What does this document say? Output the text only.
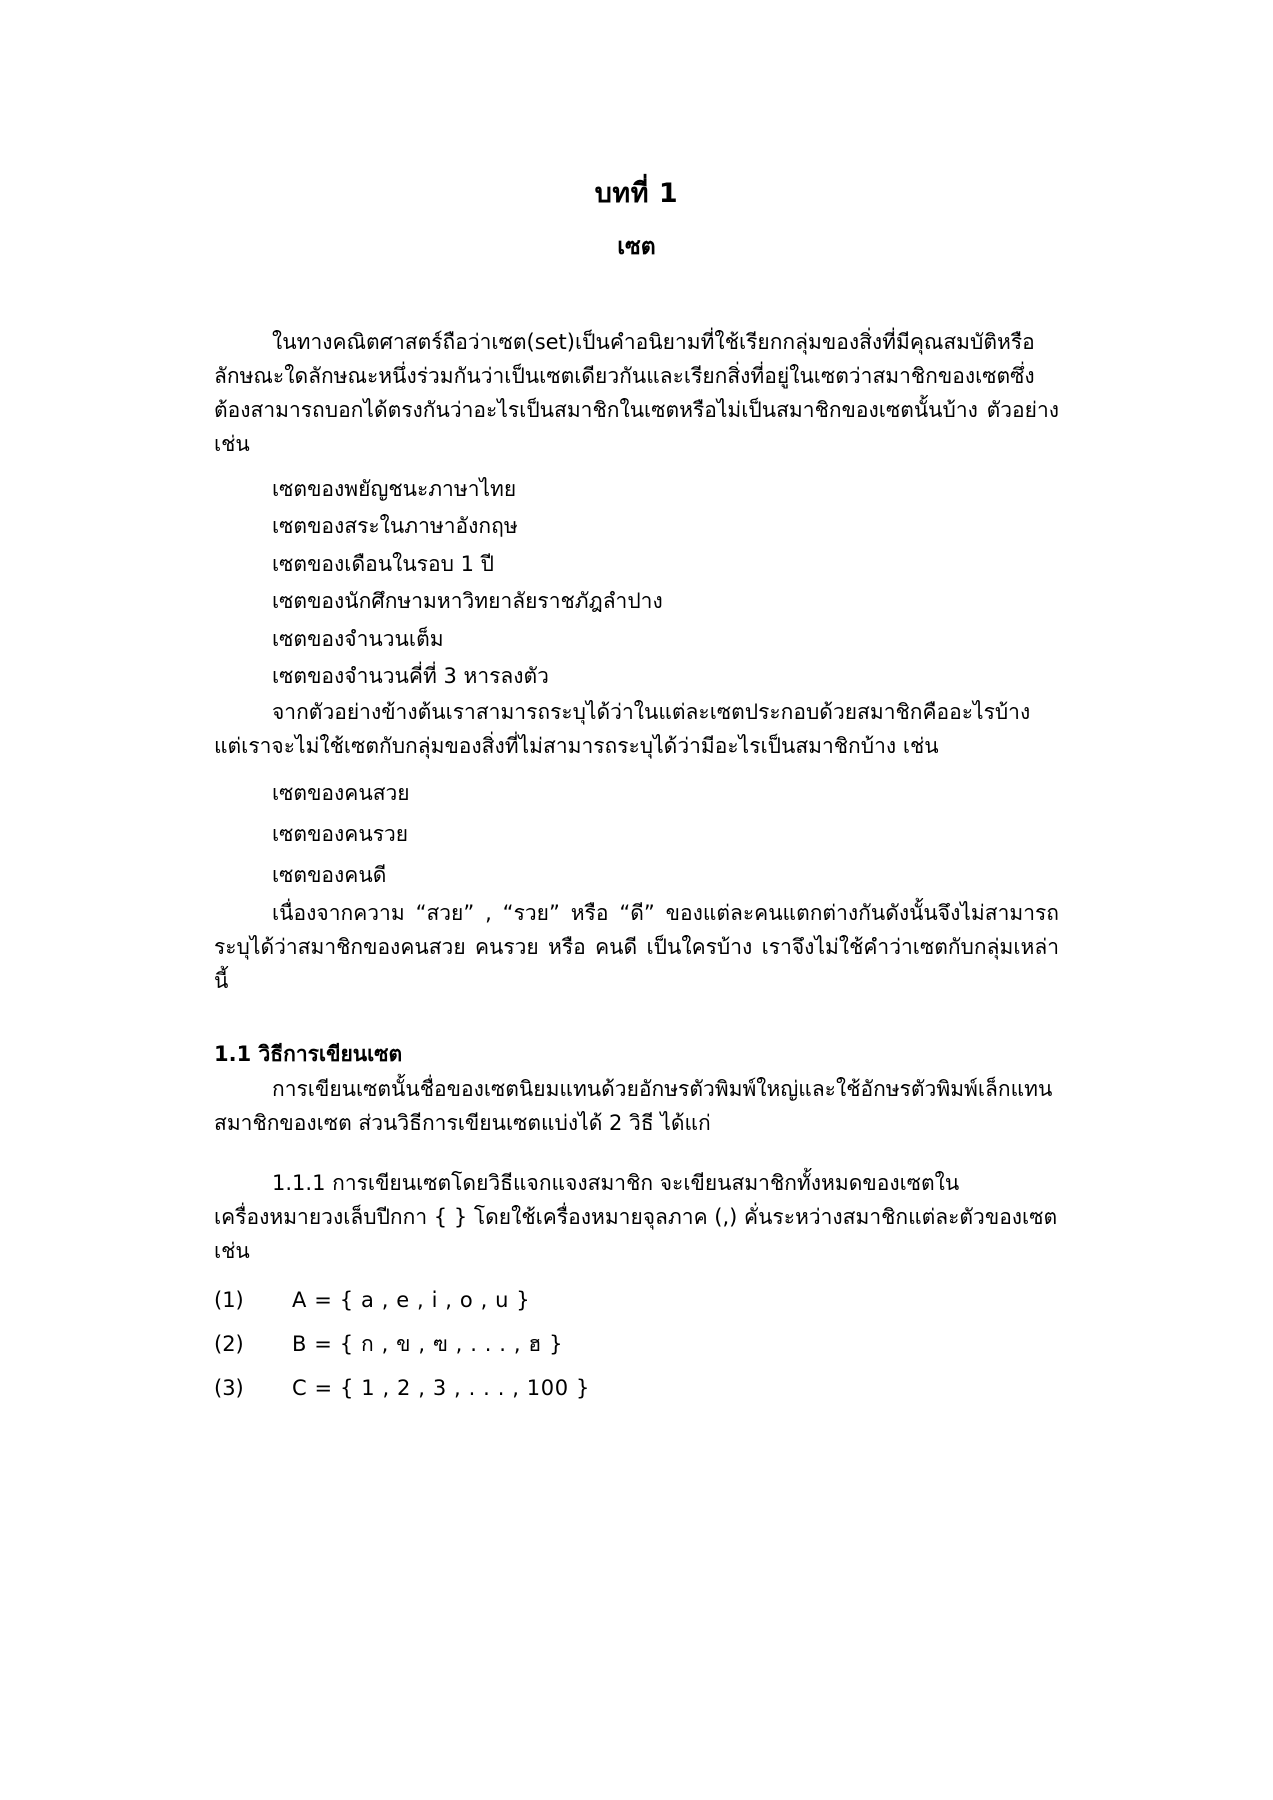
บทที่ 1
เซต

ในทางคณิตศาสตร์ถือว่าเซต(set)เป็นคำอนิยามที่ใช้เรียกกลุ่มของสิ่งที่มีคุณสมบัติหรือลักษณะใดลักษณะหนึ่งร่วมกันว่าเป็นเซตเดียวกันและเรียกสิ่งที่อยู่ในเซตว่าสมาชิกของเซตซึ่งต้องสามารถบอกได้ตรงกันว่าอะไรเป็นสมาชิกในเซตหรือไม่เป็นสมาชิกของเซตนั้นบ้าง ตัวอย่างเช่น

เซตของพยัญชนะภาษาไทย

เซตของสระในภาษาอังกฤษ

เซตของเดือนในรอบ 1 ปี

เซตของนักศึกษามหาวิทยาลัยราชภัฎลำปาง

เซตของจำนวนเต็ม

เซตของจำนวนคี่ที่ 3 หารลงตัว

จากตัวอย่างข้างต้นเราสามารถระบุได้ว่าในแต่ละเซตประกอบด้วยสมาชิกคืออะไรบ้าง แต่เราจะไม่ใช้เซตกับกลุ่มของสิ่งที่ไม่สามารถระบุได้ว่ามีอะไรเป็นสมาชิกบ้าง เช่น

เซตของคนสวย

เซตของคนรวย

เซตของคนดี

เนื่องจากความ “สวย” , “รวย” หรือ “ดี” ของแต่ละคนแตกต่างกันดังนั้นจึงไม่สามารถระบุได้ว่าสมาชิกของคนสวย คนรวย หรือ คนดี เป็นใครบ้าง เราจึงไม่ใช้คำว่าเซตกับกลุ่มเหล่านี้

1.1 วิธีการเขียนเซต

การเขียนเซตนั้นชื่อของเซตนิยมแทนด้วยอักษรตัวพิมพ์ใหญ่และใช้อักษรตัวพิมพ์เล็กแทนสมาชิกของเซต ส่วนวิธีการเขียนเซตแบ่งได้ 2 วิธี ได้แก่

1.1.1 การเขียนเซตโดยวิธีแจกแจงสมาชิก จะเขียนสมาชิกทั้งหมดของเซตในเครื่องหมายวงเล็บปีกกา { } โดยใช้เครื่องหมายจุลภาค (,) คั่นระหว่างสมาชิกแต่ละตัวของเซต เช่น

(1)	A = { a , e , i , o , u }
(2)	B = { ก , ข , ฃ , . . . , ฮ }
(3)	C = { 1 , 2 , 3 , . . . , 100 }
